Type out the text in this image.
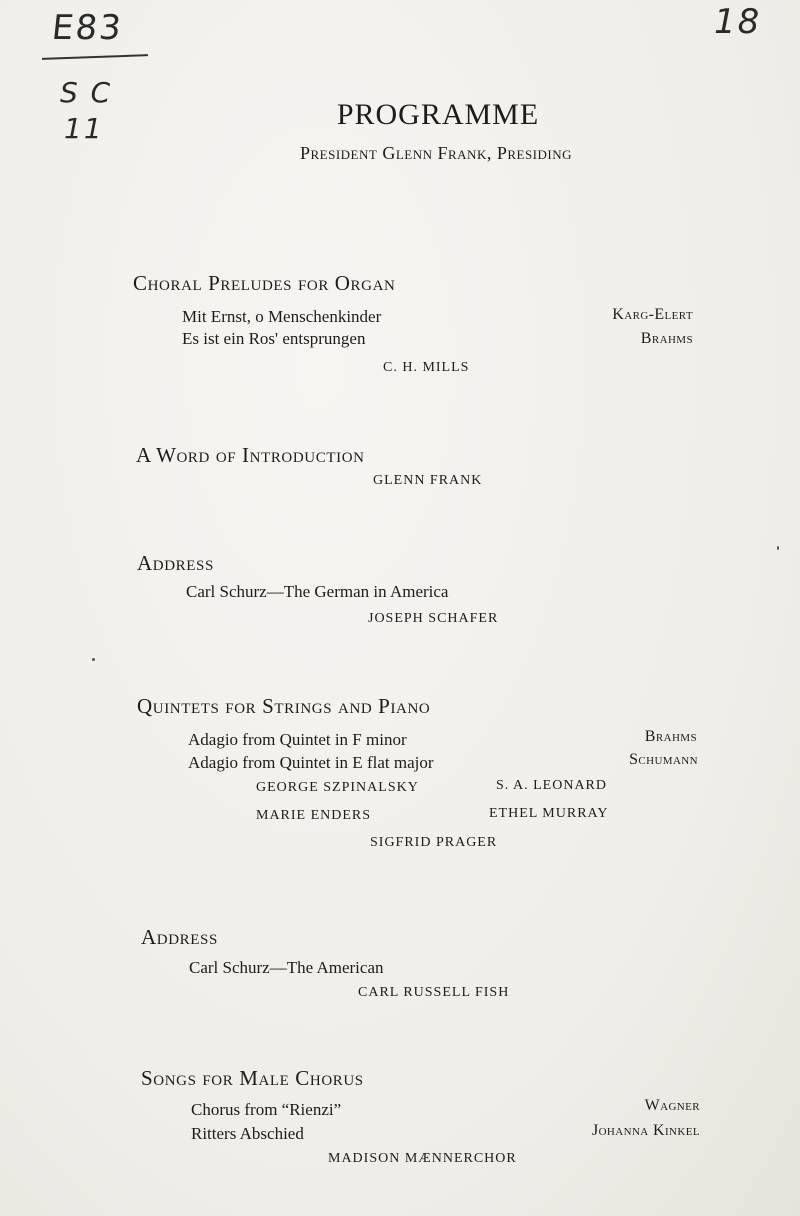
E83
S C
11
18
PROGRAMME
President Glenn Frank, Presiding
Choral Preludes for Organ
Mit Ernst, o Menschenkinder	Karg-Elert
Es ist ein Ros' entsprungen	Brahms
C. H. MILLS
A Word of Introduction
GLENN FRANK
Address
Carl Schurz—The German in America
JOSEPH SCHAFER
Quintets for Strings and Piano
Adagio from Quintet in F minor	Brahms
Adagio from Quintet in E flat major	Schumann
GEORGE SZPINALSKY	S. A. LEONARD
MARIE ENDERS	ETHEL MURRAY
SIGFRID PRAGER
Address
Carl Schurz—The American
CARL RUSSELL FISH
Songs for Male Chorus
Chorus from “Rienzi”	Wagner
Ritters Abschied	Johanna Kinkel
MADISON MÆNNERCHOR
